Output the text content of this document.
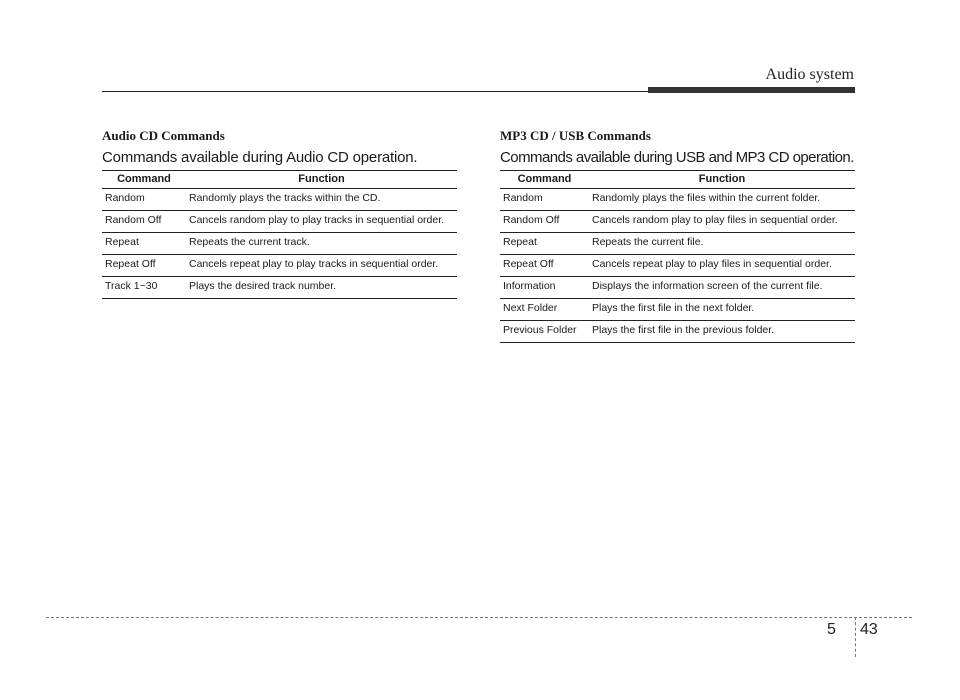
Audio system
Audio CD Commands

Commands available during Audio CD operation.

Command	Function
Random	Randomly plays the tracks within the CD.
Random Off	Cancels random play to play tracks in sequential order.
Repeat	Repeats the current track.
Repeat Off	Cancels repeat play to play tracks in sequential order.
Track 1~30	Plays the desired track number.
MP3 CD / USB Commands

Commands available during USB and MP3 CD operation.

Command	Function
Random	Randomly plays the files within the current folder.
Random Off	Cancels random play to play files in sequential order.
Repeat	Repeats the current file.
Repeat Off	Cancels repeat play to play files in sequential order.
Information	Displays the information screen of the current file.
Next Folder	Plays the first file in the next folder.
Previous Folder	Plays the first file in the previous folder.
5 43
